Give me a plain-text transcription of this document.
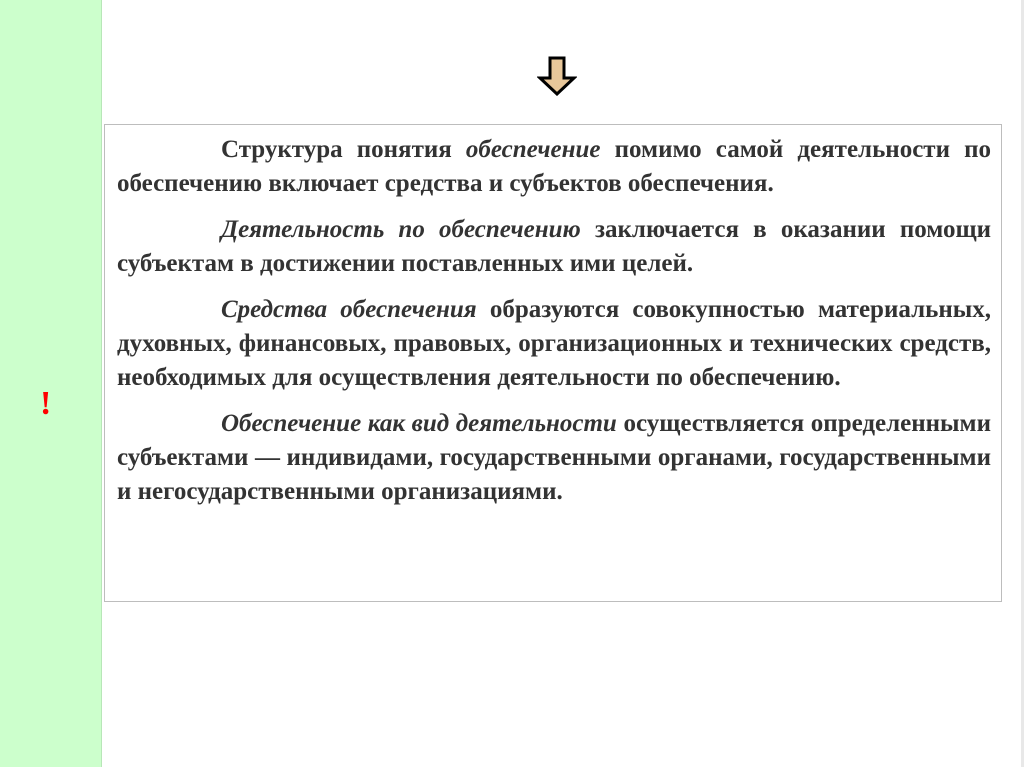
!

Структура понятия обеспечение помимо самой деятельности по обеспечению включает средства и субъектов обеспечения.

Деятельность по обеспечению заключается в оказании помощи субъектам в достижении поставленных ими целей.

Средства обеспечения образуются совокупностью материальных, духовных, финансовых, правовых, организационных и технических средств, необходимых для осуществления деятельности по обеспечению.

Обеспечение как вид деятельности осуществляется определенными субъектами — индивидами, государственными органами, государственными и негосударственными организациями.
